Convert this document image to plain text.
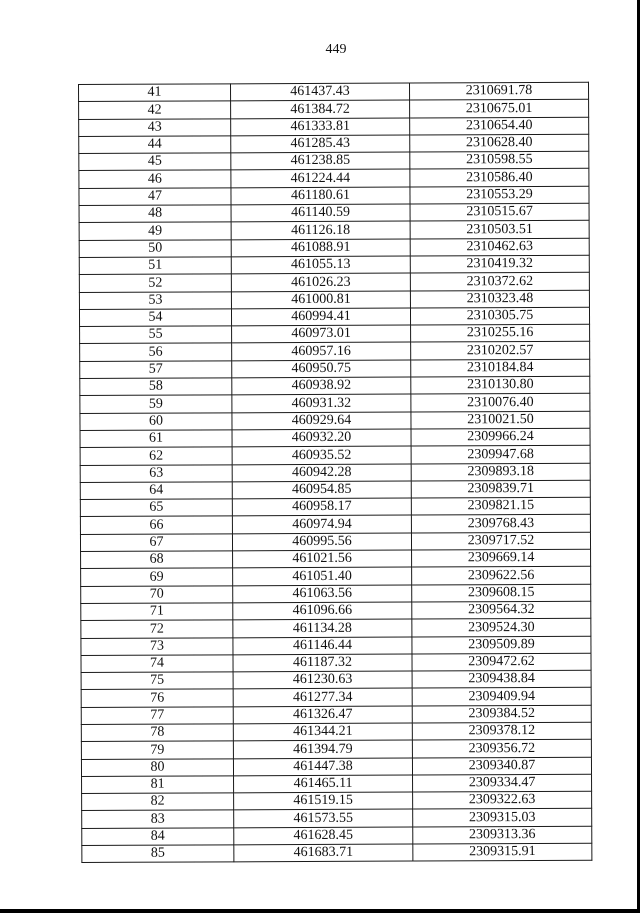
449
41	461437.43	2310691.78
42	461384.72	2310675.01
43	461333.81	2310654.40
44	461285.43	2310628.40
45	461238.85	2310598.55
46	461224.44	2310586.40
47	461180.61	2310553.29
48	461140.59	2310515.67
49	461126.18	2310503.51
50	461088.91	2310462.63
51	461055.13	2310419.32
52	461026.23	2310372.62
53	461000.81	2310323.48
54	460994.41	2310305.75
55	460973.01	2310255.16
56	460957.16	2310202.57
57	460950.75	2310184.84
58	460938.92	2310130.80
59	460931.32	2310076.40
60	460929.64	2310021.50
61	460932.20	2309966.24
62	460935.52	2309947.68
63	460942.28	2309893.18
64	460954.85	2309839.71
65	460958.17	2309821.15
66	460974.94	2309768.43
67	460995.56	2309717.52
68	461021.56	2309669.14
69	461051.40	2309622.56
70	461063.56	2309608.15
71	461096.66	2309564.32
72	461134.28	2309524.30
73	461146.44	2309509.89
74	461187.32	2309472.62
75	461230.63	2309438.84
76	461277.34	2309409.94
77	461326.47	2309384.52
78	461344.21	2309378.12
79	461394.79	2309356.72
80	461447.38	2309340.87
81	461465.11	2309334.47
82	461519.15	2309322.63
83	461573.55	2309315.03
84	461628.45	2309313.36
85	461683.71	2309315.91
